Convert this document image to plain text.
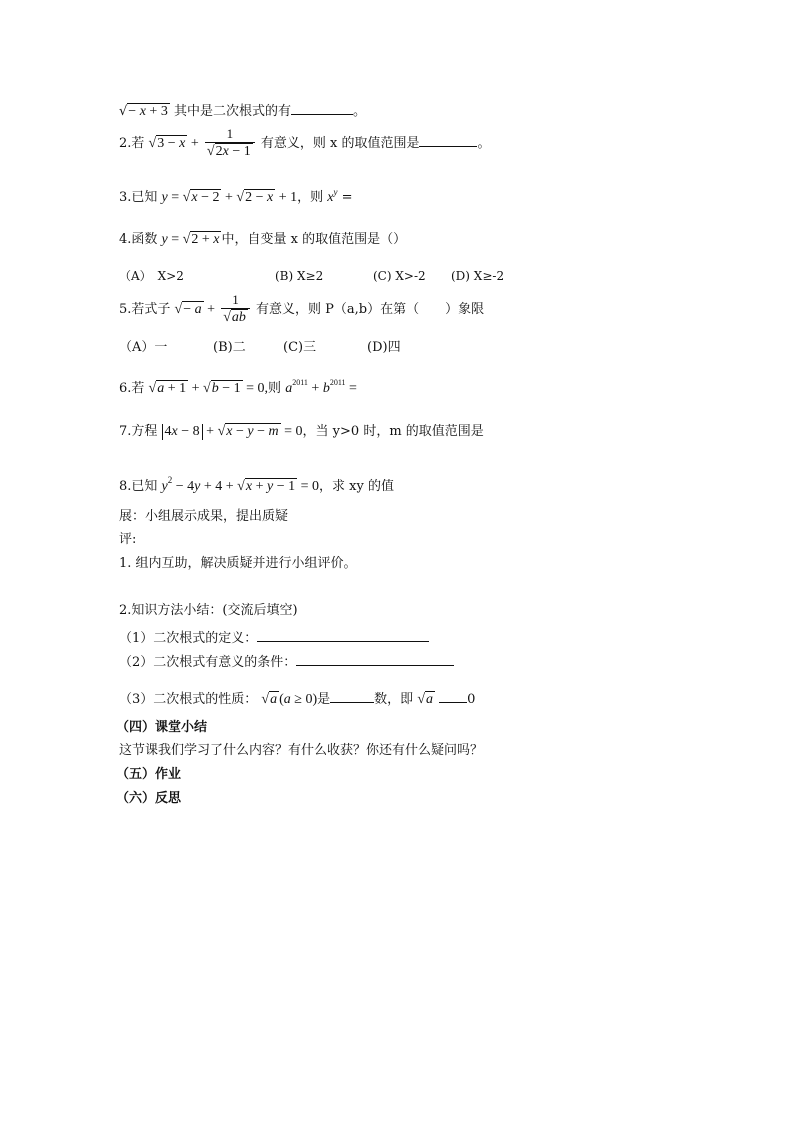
√− x + 3 其中是二次根式的有	。
2.若 $√3 - x + \frac{1}{√2x - 1}$ 有意义，则 x 的取值范围是	。
3.已知 y = √x − 2 + √2 − x + 1，则 $x^y$ =
4.函数 y = √2 + x 中，自变量 x 的取值范围是（）
（A）　X>2	(B) X≥2	(C) X>-2 (D) X≥-2
5.若式子 √− $a + \frac{1}{√ab}$ 有意义，则 P（a,b）在第（　　）象限
（A）一	(B)二	(C)三	(D)四
6.若 √a + 1 + √b − 1 = 0,则 $a^{2011} + b^{2011}$ =
7.方程 4x − 8 + √x − y − m = 0，当 y>0 时，m 的取值范围是
8.已知 $y^2 - 4y + 4 + √x + y - 1 = 0$，求 xy 的值
展：小组展示成果，提出质疑
评:
1. 组内互助，解决质疑并进行小组评价。
2.知识方法小结：(交流后填空)
（1）二次根式的定义：
（2）二次根式有意义的条件：
（3）二次根式的性质： √a (a ≥ 0)是	数，即 √a	0
（四）课堂小结
这节课我们学习了什么内容？有什么收获？你还有什么疑问吗？
（五）作业
（六）反思
